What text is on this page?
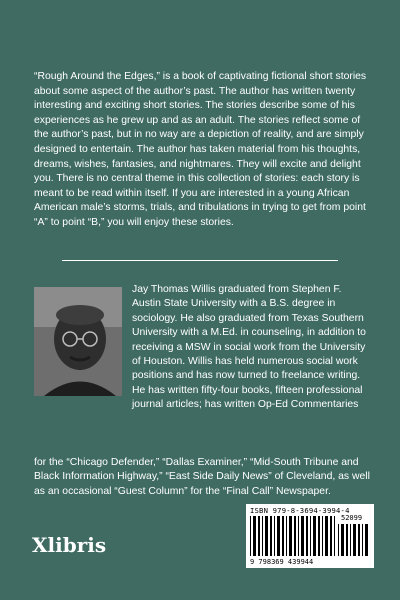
“Rough Around the Edges,” is a book of captivating fictional short stories about some aspect of the author’s past. The author has written twenty interesting and exciting short stories. The stories describe some of his experiences as he grew up and as an adult. The stories reflect some of the author’s past, but in no way are a depiction of reality, and are simply designed to entertain. The author has taken material from his thoughts, dreams, wishes, fantasies, and nightmares. They will excite and delight you. There is no central theme in this collection of stories: each story is meant to be read within itself. If you are interested in a young African American male’s storms, trials, and tribulations in trying to get from point “A” to point “B,” you will enjoy these stories.
Jay Thomas Willis graduated from Stephen F. Austin State University with a B.S. degree in sociology. He also graduated from Texas Southern University with a M.Ed. in counseling, in addition to receiving a MSW in social work from the University of Houston. Willis has held numerous social work positions and has now turned to freelance writing. He has written fifty-four books, fifteen professional journal articles; has written Op-Ed Commentaries
for the “Chicago Defender,” “Dallas Examiner,” “Mid-South Tribune and Black Information Highway,” “East Side Daily News” of Cleveland, as well as an occasional “Guest Column” for the “Final Call” Newspaper.
Xlibris
ISBN 979-8-3694-3994-4
52099
9 798369 439944
